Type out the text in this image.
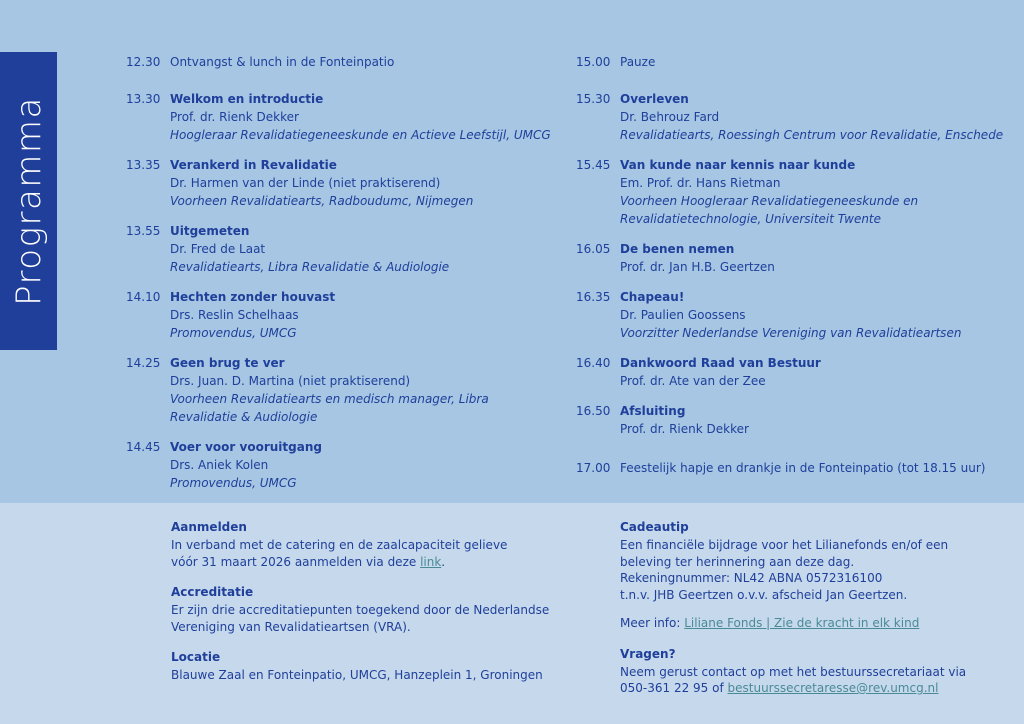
Programma
12.30 Ontvangst & lunch in de Fonteinpatio
13.30 Welkom en introductie
Prof. dr. Rienk Dekker
Hoogleraar Revalidatiegeneeskunde en Actieve Leefstijl, UMCG
13.35 Verankerd in Revalidatie
Dr. Harmen van der Linde (niet praktiserend)
Voorheen Revalidatiearts, Radboudumc, Nijmegen
13.55 Uitgemeten
Dr. Fred de Laat
Revalidatiearts, Libra Revalidatie & Audiologie
14.10 Hechten zonder houvast
Drs. Reslin Schelhaas
Promovendus, UMCG
14.25 Geen brug te ver
Drs. Juan. D. Martina (niet praktiserend)
Voorheen Revalidatiearts en medisch manager, Libra
Revalidatie & Audiologie
14.45 Voer voor vooruitgang
Drs. Aniek Kolen
Promovendus, UMCG
15.00 Pauze
15.30 Overleven
Dr. Behrouz Fard
Revalidatiearts, Roessingh Centrum voor Revalidatie, Enschede
15.45 Van kunde naar kennis naar kunde
Em. Prof. dr. Hans Rietman
Voorheen Hoogleraar Revalidatiegeneeskunde en
Revalidatietechnologie, Universiteit Twente
16.05 De benen nemen
Prof. dr. Jan H.B. Geertzen
16.35 Chapeau!
Dr. Paulien Goossens
Voorzitter Nederlandse Vereniging van Revalidatieartsen
16.40 Dankwoord Raad van Bestuur
Prof. dr. Ate van der Zee
16.50 Afsluiting
Prof. dr. Rienk Dekker
17.00 Feestelijk hapje en drankje in de Fonteinpatio (tot 18.15 uur)
Aanmelden
In verband met de catering en de zaalcapaciteit gelieve
vóór 31 maart 2026 aanmelden via deze link.
Accreditatie
Er zijn drie accreditatiepunten toegekend door de Nederlandse
Vereniging van Revalidatieartsen (VRA).
Locatie
Blauwe Zaal en Fonteinpatio, UMCG, Hanzeplein 1, Groningen
Cadeautip
Een financiële bijdrage voor het Lilianefonds en/of een
beleving ter herinnering aan deze dag.
Rekeningnummer: NL42 ABNA 0572316100
t.n.v. JHB Geertzen o.v.v. afscheid Jan Geertzen.
Meer info: Liliane Fonds | Zie de kracht in elk kind
Vragen?
Neem gerust contact op met het bestuurssecretariaat via
050-361 22 95 of bestuurssecretaresse@rev.umcg.nl
